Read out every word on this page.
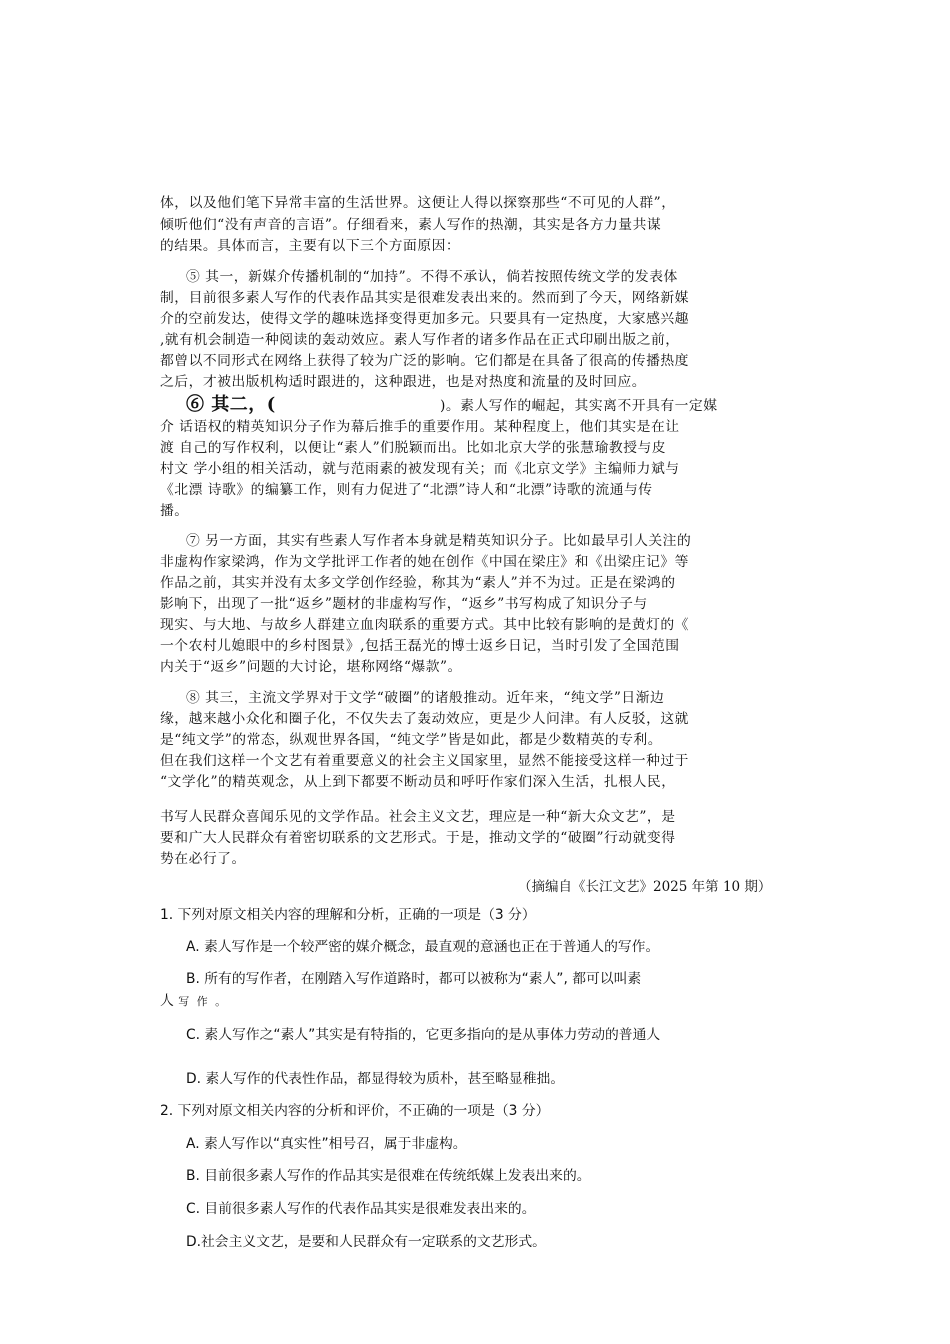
体，以及他们笔下异常丰富的生活世界。这便让人得以探察那些“不可见的人群”，
倾听他们“没有声音的言语”。仔细看来，素人写作的热潮，其实是各方力量共谋
的结果。具体而言，主要有以下三个方面原因：
⑤ 其一，新媒介传播机制的“加持”。不得不承认，倘若按照传统文学的发表体
制，目前很多素人写作的代表作品其实是很难发表出来的。然而到了今天，网络新媒
介的空前发达，使得文学的趣味选择变得更加多元。只要具有一定热度，大家感兴趣
,就有机会制造一种阅读的轰动效应。素人写作者的诸多作品在正式印刷出版之前，
都曾以不同形式在网络上获得了较为广泛的影响。它们都是在具备了很高的传播热度
之后，才被出版机构适时跟进的，这种跟进，也是对热度和流量的及时回应。
⑥ 其二，(	)。素人写作的崛起，其实离不开具有一定媒
介 话语权的精英知识分子作为幕后推手的重要作用。某种程度上，他们其实是在让
渡 自己的写作权利，以便让“素人”们脱颖而出。比如北京大学的张慧瑜教授与皮
村文 学小组的相关活动，就与范雨素的被发现有关；而《北京文学》主编师力斌与
《北漂 诗歌》的编纂工作，则有力促进了“北漂”诗人和“北漂”诗歌的流通与传
播。
⑦ 另一方面，其实有些素人写作者本身就是精英知识分子。比如最早引人关注的
非虚构作家梁鸿，作为文学批评工作者的她在创作《中国在梁庄》和《出梁庄记》等
作品之前，其实并没有太多文学创作经验，称其为“素人”并不为过。正是在梁鸿的
影响下，出现了一批“返乡”题材的非虚构写作，“返乡”书写构成了知识分子与
现实、与大地、与故乡人群建立血肉联系的重要方式。其中比较有影响的是黄灯的《
一个农村儿媳眼中的乡村图景》,包括王磊光的博士返乡日记，当时引发了全国范围
内关于“返乡”问题的大讨论，堪称网络“爆款”。
⑧ 其三，主流文学界对于文学“破圈”的诸般推动。近年来，“纯文学”日渐边
缘，越来越小众化和圈子化，不仅失去了轰动效应，更是少人问津。有人反驳，这就
是“纯文学”的常态，纵观世界各国，“纯文学”皆是如此，都是少数精英的专利。
但在我们这样一个文艺有着重要意义的社会主义国家里，显然不能接受这样一种过于
“文学化”的精英观念，从上到下都要不断动员和呼吁作家们深入生活，扎根人民，
书写人民群众喜闻乐见的文学作品。社会主义文艺，理应是一种“新大众文艺”，是
要和广大人民群众有着密切联系的文艺形式。于是，推动文学的“破圈”行动就变得
势在必行了。
（摘编自《长江文艺》2025 年第 10 期）
1. 下列对原文相关内容的理解和分析，正确的一项是（3 分）
A. 素人写作是一个较严密的媒介概念，最直观的意涵也正在于普通人的写作。
B. 所有的写作者，在刚踏入写作道路时，都可以被称为“素人”, 都可以叫素
人 写 作 。
C. 素人写作之“素人”其实是有特指的，它更多指向的是从事体力劳动的普通人
D. 素人写作的代表性作品，都显得较为质朴，甚至略显稚拙。
2. 下列对原文相关内容的分析和评价，不正确的一项是（3 分）
A. 素人写作以“真实性”相号召，属于非虚构。
B. 目前很多素人写作的作品其实是很难在传统纸媒上发表出来的。
C. 目前很多素人写作的代表作品其实是很难发表出来的。
D.社会主义文艺，是要和人民群众有一定联系的文艺形式。
